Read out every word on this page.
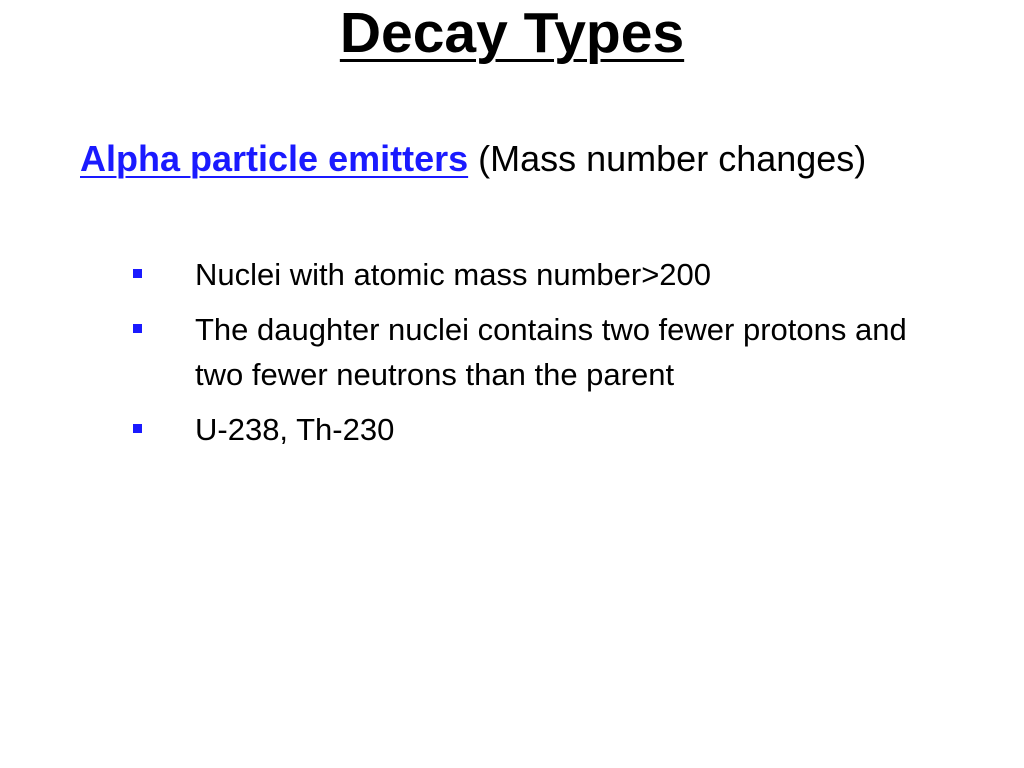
Decay Types
Alpha particle emitters (Mass number changes)
Nuclei with atomic mass number>200
The daughter nuclei contains two fewer protons and two fewer neutrons than the parent
U-238, Th-230
